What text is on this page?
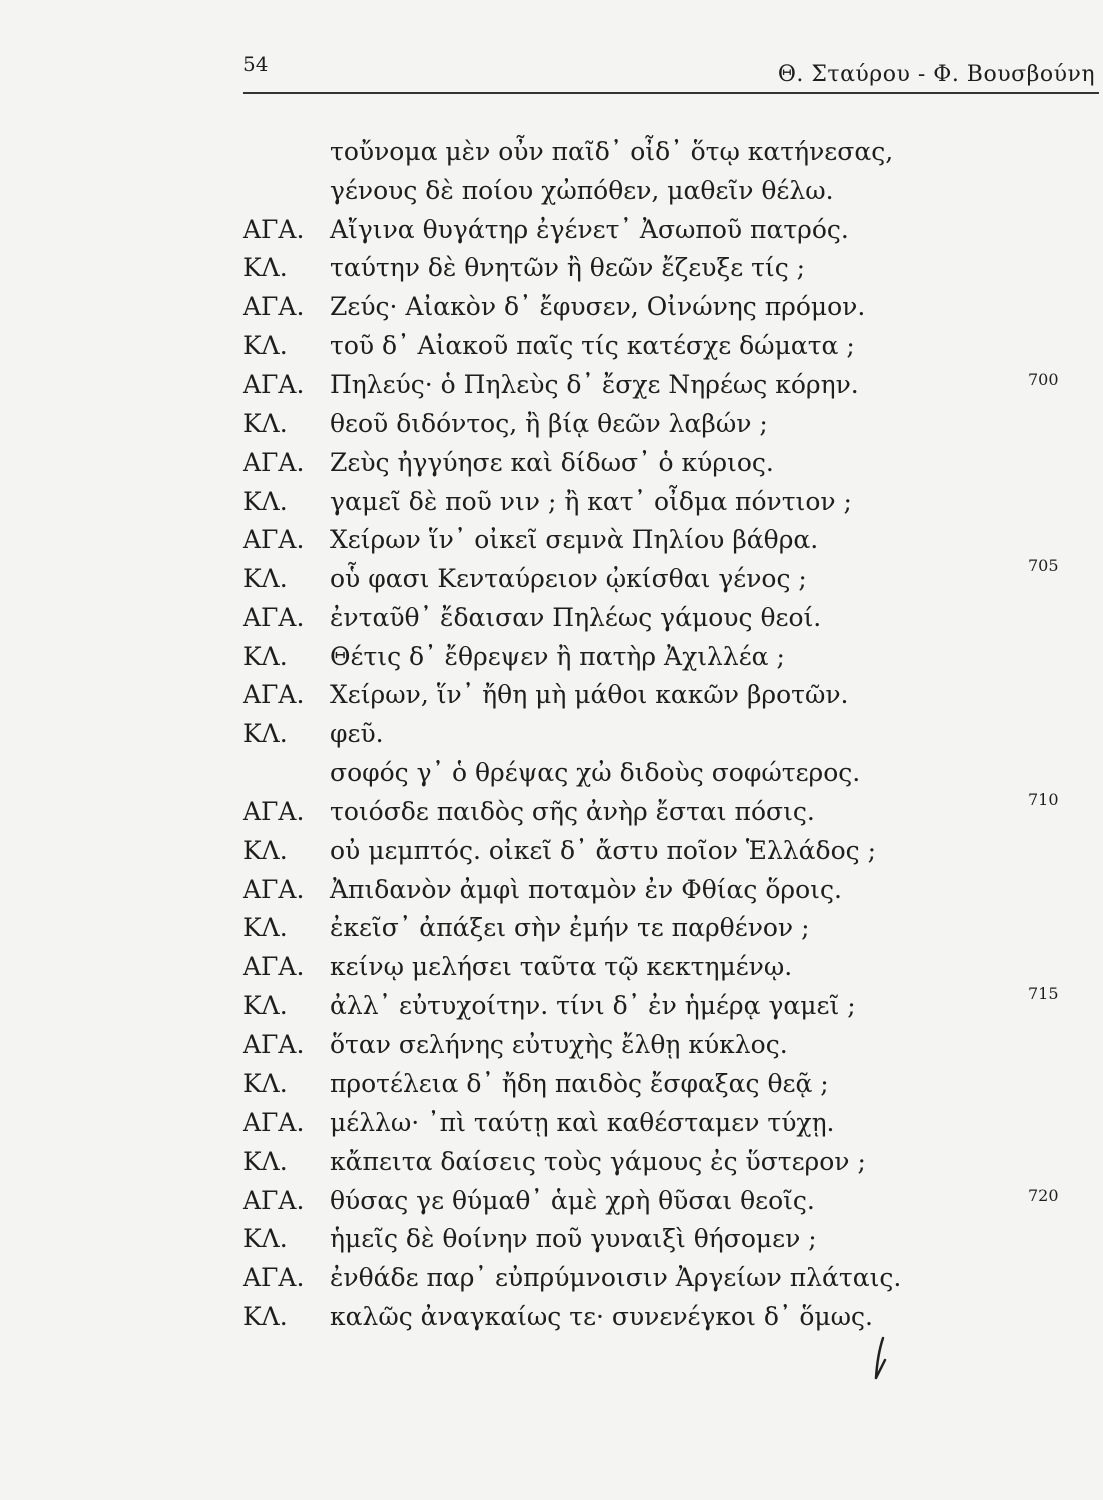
54	Θ. Σταύρου - Φ. Βουσβούνη
τοὔνομα μὲν οὖν παῖδ᾽ οἶδ᾽ ὅτῳ κατήνεσας,
γένους δὲ ποίου χὠπόθεν, μαθεῖν θέλω.
ΑΓΑ. Αἴγινα θυγάτηρ ἐγένετ᾽ Ἀσωποῦ πατρός.
ΚΛ. ταύτην δὲ θνητῶν ἢ θεῶν ἔζευξε τίς ;
ΑΓΑ. Ζεύς· Αἰακὸν δ᾽ ἔφυσεν, Οἰνώνης πρόμον.
ΚΛ. τοῦ δ᾽ Αἰακοῦ παῖς τίς κατέσχε δώματα ;
ΑΓΑ. Πηλεύς· ὁ Πηλεὺς δ᾽ ἔσχε Νηρέως κόρην.
ΚΛ. θεοῦ διδόντος, ἢ βίᾳ θεῶν λαβών ;
ΑΓΑ. Ζεὺς ἠγγύησε καὶ δίδωσ᾽ ὁ κύριος.
ΚΛ. γαμεῖ δὲ ποῦ νιν ; ἢ κατ᾽ οἶδμα πόντιον ;
ΑΓΑ. Χείρων ἵν᾽ οἰκεῖ σεμνὰ Πηλίου βάθρα.
ΚΛ. οὗ φασι Κενταύρειον ᾠκίσθαι γένος ;
ΑΓΑ. ἐνταῦθ᾽ ἔδαισαν Πηλέως γάμους θεοί.
ΚΛ. Θέτις δ᾽ ἔθρεψεν ἢ πατὴρ Ἀχιλλέα ;
ΑΓΑ. Χείρων, ἵν᾽ ἤθη μὴ μάθοι κακῶν βροτῶν.
ΚΛ. φεῦ.
σοφός γ᾽ ὁ θρέψας χὠ διδοὺς σοφώτερος.
ΑΓΑ. τοιόσδε παιδὸς σῆς ἀνὴρ ἔσται πόσις.
ΚΛ. οὐ μεμπτός. οἰκεῖ δ᾽ ἄστυ ποῖον Ἑλλάδος ;
ΑΓΑ. Ἀπιδανὸν ἀμφὶ ποταμὸν ἐν Φθίας ὅροις.
ΚΛ. ἐκεῖσ᾽ ἀπάξει σὴν ἐμήν τε παρθένον ;
ΑΓΑ. κείνῳ μελήσει ταῦτα τῷ κεκτημένῳ.
ΚΛ. ἀλλ᾽ εὐτυχοίτην. τίνι δ᾽ ἐν ἡμέρᾳ γαμεῖ ;
ΑΓΑ. ὅταν σελήνης εὐτυχὴς ἔλθῃ κύκλος.
ΚΛ. προτέλεια δ᾽ ἤδη παιδὸς ἔσφαξας θεᾷ ;
ΑΓΑ. μέλλω· ᾽πὶ ταύτῃ καὶ καθέσταμεν τύχῃ.
ΚΛ. κἄπειτα δαίσεις τοὺς γάμους ἐς ὕστερον ;
ΑΓΑ. θύσας γε θύμαθ᾽ ἁμὲ χρὴ θῦσαι θεοῖς.
ΚΛ. ἡμεῖς δὲ θοίνην ποῦ γυναιξὶ θήσομεν ;
ΑΓΑ. ἐνθάδε παρ᾽ εὐπρύμνοισιν Ἀργείων πλάταις.
ΚΛ. καλῶς ἀναγκαίως τε· συνενέγκοι δ᾽ ὅμως.
700
705
710
715
720
